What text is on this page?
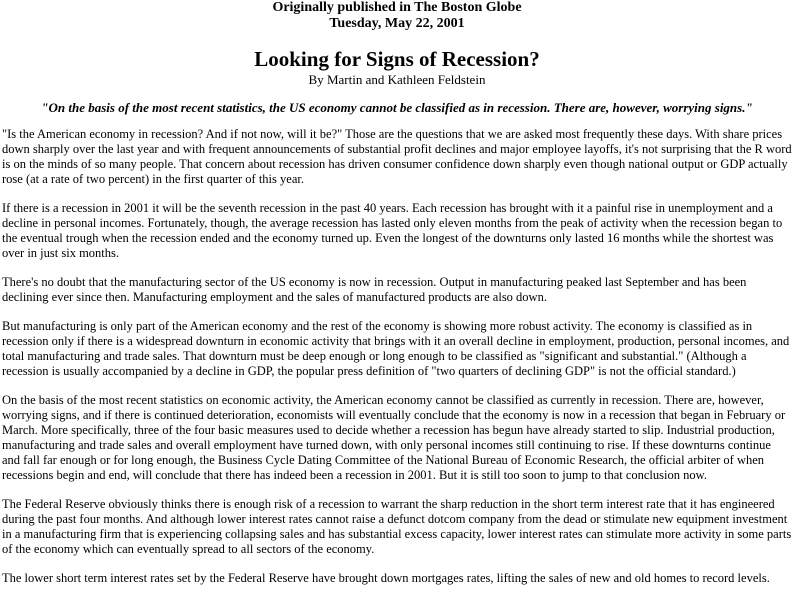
Originally published in The Boston Globe

Tuesday, May 22, 2001

Looking for Signs of Recession?

By Martin and Kathleen Feldstein

"On the basis of the most recent statistics, the US economy cannot be classified as in recession. There are, however, worrying signs."

"Is the American economy in recession? And if not now, will it be?" Those are the questions that we are asked most frequently these days. With share prices down sharply over the last year and with frequent announcements of substantial profit declines and major employee layoffs, it's not surprising that the R word is on the minds of so many people. That concern about recession has driven consumer confidence down sharply even though national output or GDP actually rose (at a rate of two percent) in the first quarter of this year.

If there is a recession in 2001 it will be the seventh recession in the past 40 years. Each recession has brought with it a painful rise in unemployment and a decline in personal incomes. Fortunately, though, the average recession has lasted only eleven months from the peak of activity when the recession began to the eventual trough when the recession ended and the economy turned up. Even the longest of the downturns only lasted 16 months while the shortest was over in just six months.

There's no doubt that the manufacturing sector of the US economy is now in recession. Output in manufacturing peaked last September and has been declining ever since then. Manufacturing employment and the sales of manufactured products are also down.

But manufacturing is only part of the American economy and the rest of the economy is showing more robust activity. The economy is classified as in recession only if there is a widespread downturn in economic activity that brings with it an overall decline in employment, production, personal incomes, and total manufacturing and trade sales. That downturn must be deep enough or long enough to be classified as "significant and substantial." (Although a recession is usually accompanied by a decline in GDP, the popular press definition of "two quarters of declining GDP" is not the official standard.)

On the basis of the most recent statistics on economic activity, the American economy cannot be classified as currently in recession. There are, however, worrying signs, and if there is continued deterioration, economists will eventually conclude that the economy is now in a recession that began in February or March. More specifically, three of the four basic measures used to decide whether a recession has begun have already started to slip. Industrial production, manufacturing and trade sales and overall employment have turned down, with only personal incomes still continuing to rise. If these downturns continue and fall far enough or for long enough, the Business Cycle Dating Committee of the National Bureau of Economic Research, the official arbiter of when recessions begin and end, will conclude that there has indeed been a recession in 2001. But it is still too soon to jump to that conclusion now.

The Federal Reserve obviously thinks there is enough risk of a recession to warrant the sharp reduction in the short term interest rate that it has engineered during the past four months. And although lower interest rates cannot raise a defunct dotcom company from the dead or stimulate new equipment investment in a manufacturing firm that is experiencing collapsing sales and has substantial excess capacity, lower interest rates can stimulate more activity in some parts of the economy which can eventually spread to all sectors of the economy.

The lower short term interest rates set by the Federal Reserve have brought down mortgages rates, lifting the sales of new and old homes to record levels.
